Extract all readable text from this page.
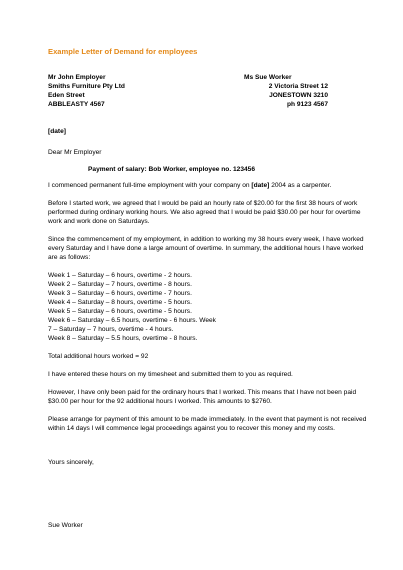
Example Letter of Demand for employees
Mr John Employer
Smiths Furniture Pty Ltd
Eden Street
ABBLEASTY 4567
Ms Sue Worker
2 Victoria Street 12
JONESTOWN 3210
ph 9123 4567
[date]
Dear Mr Employer
Payment of salary: Bob Worker, employee no. 123456

I commenced permanent full-time employment with your company on [date] 2004 as a carpenter.

Before I started work, we agreed that I would be paid an hourly rate of $20.00 for the first 38 hours of work performed during ordinary working hours. We also agreed that I would be paid $30.00 per hour for overtime work and work done on Saturdays.

Since the commencement of my employment, in addition to working my 38 hours every week, I have worked every Saturday and I have done a large amount of overtime. In summary, the additional hours I have worked are as follows:

Week 1 – Saturday – 6 hours, overtime - 2 hours.
Week 2 – Saturday – 7 hours, overtime - 8 hours.
Week 3 – Saturday – 6 hours, overtime - 7 hours.
Week 4 – Saturday – 8 hours, overtime - 5 hours.
Week 5 – Saturday – 6 hours, overtime - 5 hours.
Week 6 – Saturday – 6.5 hours, overtime - 6 hours. Week
7 – Saturday – 7 hours, overtime - 4 hours.
Week 8 – Saturday – 5.5 hours, overtime - 8 hours.

Total additional hours worked = 92

I have entered these hours on my timesheet and submitted them to you as required.

However, I have only been paid for the ordinary hours that I worked. This means that I have not been paid $30.00 per hour for the 92 additional hours I worked. This amounts to $2760.

Please arrange for payment of this amount to be made immediately. In the event that payment is not received within 14 days I will commence legal proceedings against you to recover this money and my costs.

Yours sincerely,
Sue Worker
